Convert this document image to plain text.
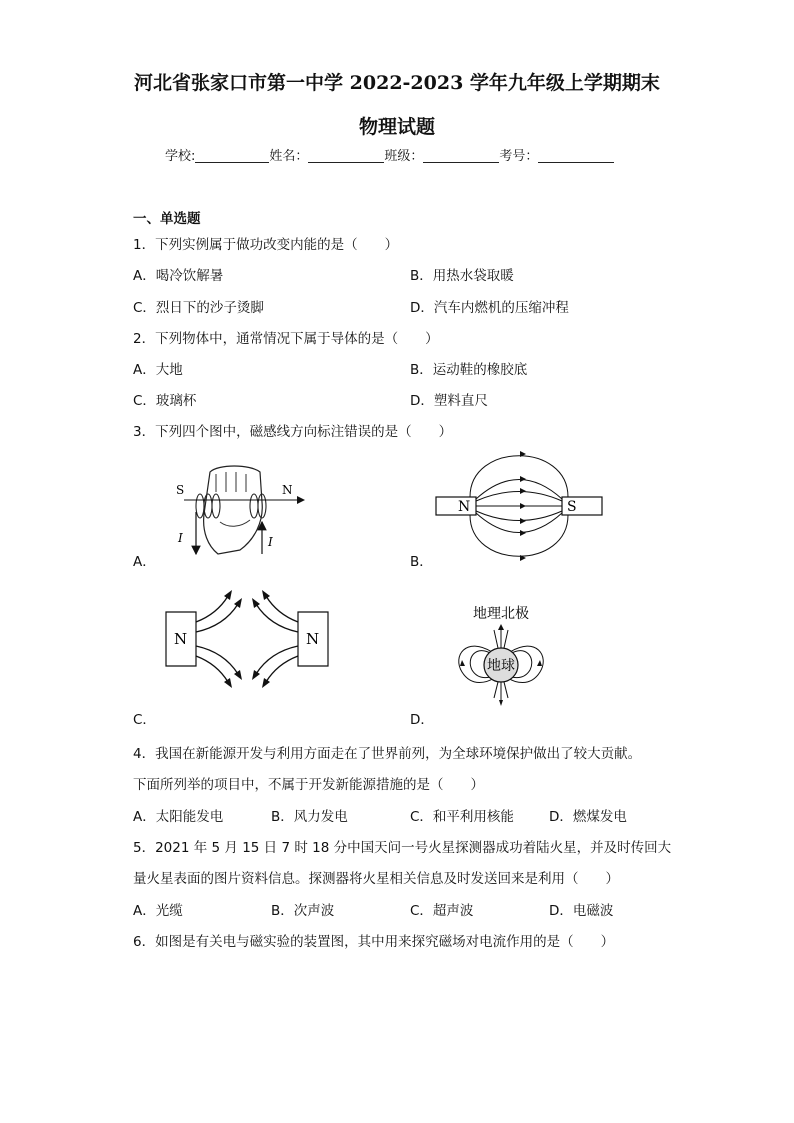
河北省张家口市第一中学 2022-2023 学年九年级上学期期末
物理试题
学校:	姓名：	班级：	考号：
一、单选题
1．下列实例属于做功改变内能的是（　　）
A．喝冷饮解暑	B．用热水袋取暖
C．烈日下的沙子烫脚	D．汽车内燃机的压缩冲程
2．下列物体中，通常情况下属于导体的是（　　）
A．大地	B．运动鞋的橡胶底
C．玻璃杯	D．塑料直尺
3．下列四个图中，磁感线方向标注错误的是（　　）
S	N
I	I
A．
N	S
B．
N	N
C．
地理北极
地球
D．
4．我国在新能源开发与利用方面走在了世界前列，为全球环境保护做出了较大贡献。
下面所列举的项目中，不属于开发新能源措施的是（　　）
A．太阳能发电	B．风力发电	C．和平利用核能	D．燃煤发电
5．2021 年 5 月 15 日 7 时 18 分中国天问一号火星探测器成功着陆火星，并及时传回大
量火星表面的图片资料信息。探测器将火星相关信息及时发送回来是利用（　　）
A．光缆	B．次声波	C．超声波	D．电磁波
6．如图是有关电与磁实验的装置图，其中用来探究磁场对电流作用的是（　　）
